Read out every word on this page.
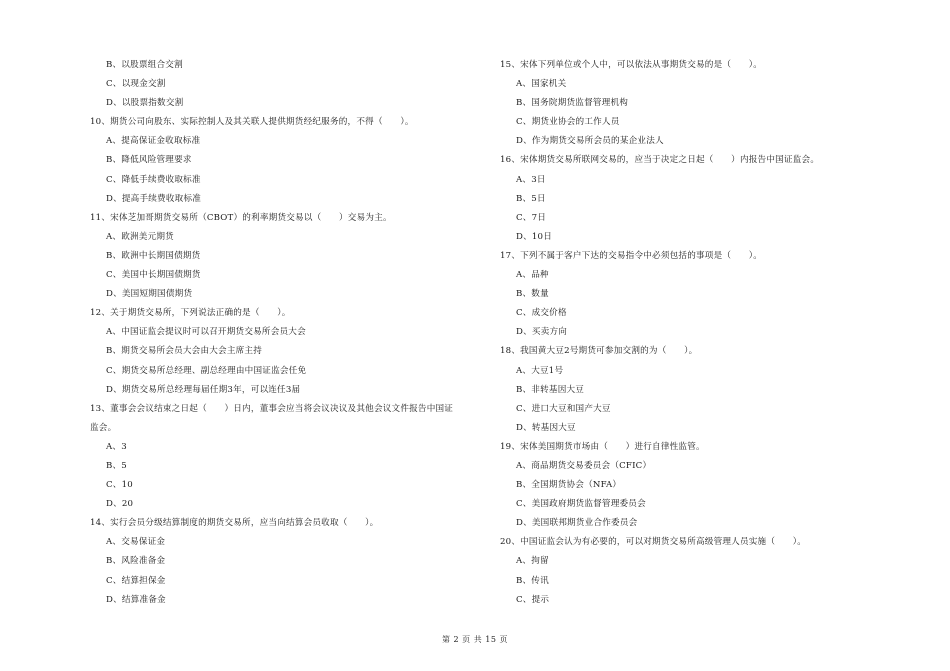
B、以股票组合交割
C、以现金交割
D、以股票指数交割
10、期货公司向股东、实际控制人及其关联人提供期货经纪服务的，不得（　　）。
A、提高保证金收取标准
B、降低风险管理要求
C、降低手续费收取标准
D、提高手续费收取标准
11、宋体芝加哥期货交易所（CBOT）的利率期货交易以（　　）交易为主。
A、欧洲美元期货
B、欧洲中长期国债期货
C、美国中长期国债期货
D、美国短期国债期货
12、关于期货交易所，下列说法正确的是（　　）。
A、中国证监会提议时可以召开期货交易所会员大会
B、期货交易所会员大会由大会主席主持
C、期货交易所总经理、副总经理由中国证监会任免
D、期货交易所总经理每届任期3年，可以连任3届
13、董事会会议结束之日起（　　）日内，董事会应当将会议决议及其他会议文件报告中国证
监会。
A、3
B、5
C、10
D、20
14、实行会员分级结算制度的期货交易所，应当向结算会员收取（　　）。
A、交易保证金
B、风险准备金
C、结算担保金
D、结算准备金
15、宋体下列单位或个人中，可以依法从事期货交易的是（　　）。
A、国家机关
B、国务院期货监督管理机构
C、期货业协会的工作人员
D、作为期货交易所会员的某企业法人
16、宋体期货交易所联网交易的，应当于决定之日起（　　）内报告中国证监会。
A、3日
B、5日
C、7日
D、10日
17、下列不属于客户下达的交易指令中必须包括的事项是（　　）。
A、品种
B、数量
C、成交价格
D、买卖方向
18、我国黄大豆2号期货可参加交割的为（　　）。
A、大豆1号
B、非转基因大豆
C、进口大豆和国产大豆
D、转基因大豆
19、宋体美国期货市场由（　　）进行自律性监管。
A、商品期货交易委员会（CFIC）
B、全国期货协会（NFA）
C、美国政府期货监督管理委员会
D、美国联邦期货业合作委员会
20、中国证监会认为有必要的，可以对期货交易所高级管理人员实施（　　）。
A、拘留
B、传讯
C、提示
第 2 页 共 15 页
